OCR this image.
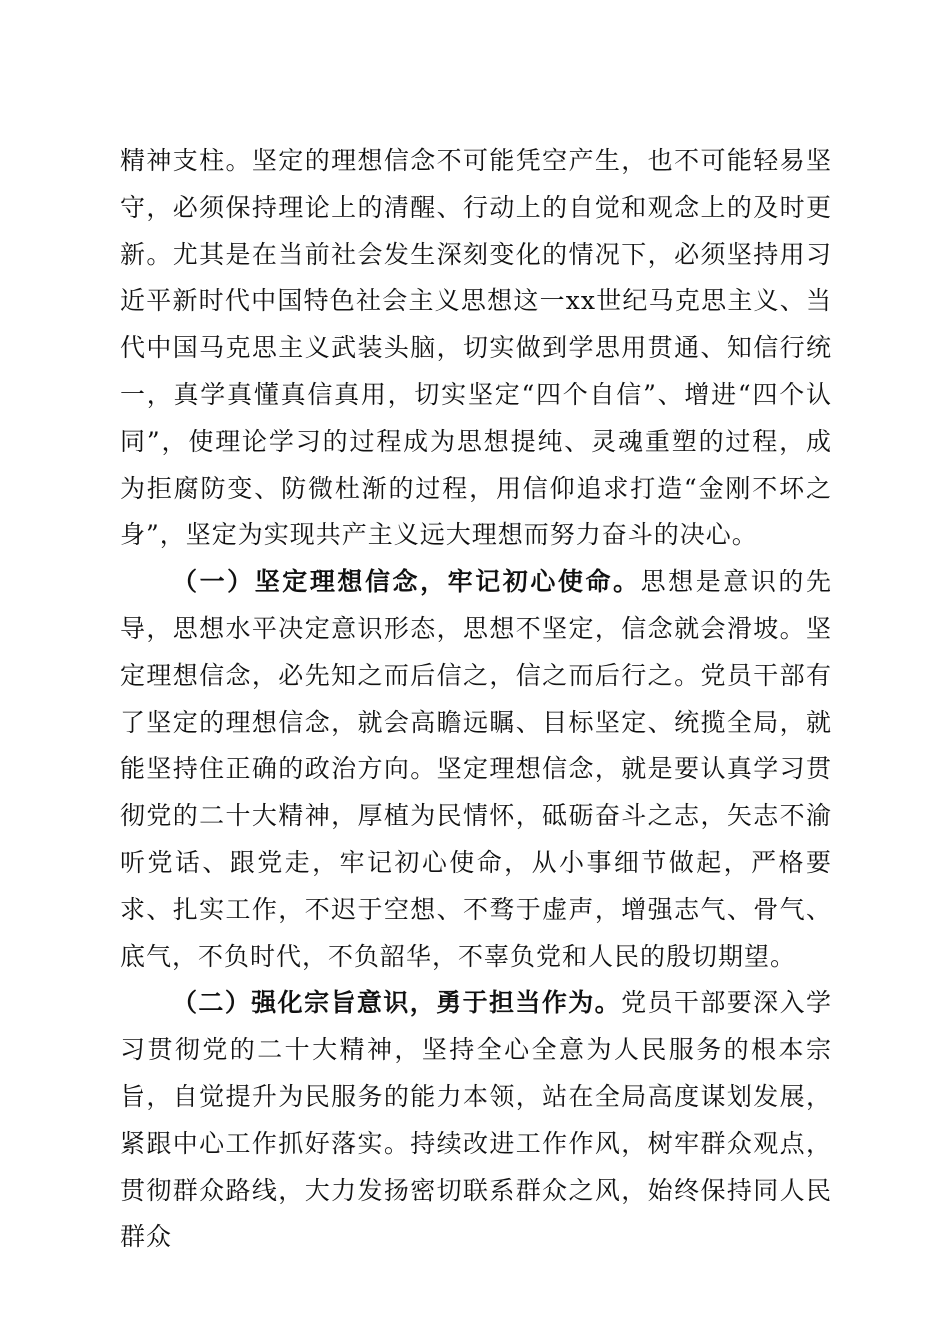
精神支柱。坚定的理想信念不可能凭空产生，也不可能轻易坚守，必须保持理论上的清醒、行动上的自觉和观念上的及时更新。尤其是在当前社会发生深刻变化的情况下，必须坚持用习近平新时代中国特色社会主义思想这一xx世纪马克思主义、当代中国马克思主义武装头脑，切实做到学思用贯通、知信行统一，真学真懂真信真用，切实坚定“四个自信”、增进“四个认同”，使理论学习的过程成为思想提纯、灵魂重塑的过程，成为拒腐防变、防微杜渐的过程，用信仰追求打造“金刚不坏之身”，坚定为实现共产主义远大理想而努力奋斗的决心。

（一）坚定理想信念，牢记初心使命。思想是意识的先导，思想水平决定意识形态，思想不坚定，信念就会滑坡。坚定理想信念，必先知之而后信之，信之而后行之。党员干部有了坚定的理想信念，就会高瞻远瞩、目标坚定、统揽全局，就能坚持住正确的政治方向。坚定理想信念，就是要认真学习贯彻党的二十大精神，厚植为民情怀，砥砺奋斗之志，矢志不渝听党话、跟党走，牢记初心使命，从小事细节做起，严格要求、扎实工作，不迟于空想、不骛于虚声，增强志气、骨气、底气，不负时代，不负韶华，不辜负党和人民的殷切期望。

（二）强化宗旨意识，勇于担当作为。党员干部要深入学习贯彻党的二十大精神，坚持全心全意为人民服务的根本宗旨，自觉提升为民服务的能力本领，站在全局高度谋划发展，紧跟中心工作抓好落实。持续改进工作作风，树牢群众观点，贯彻群众路线，大力发扬密切联系群众之风，始终保持同人民群众
